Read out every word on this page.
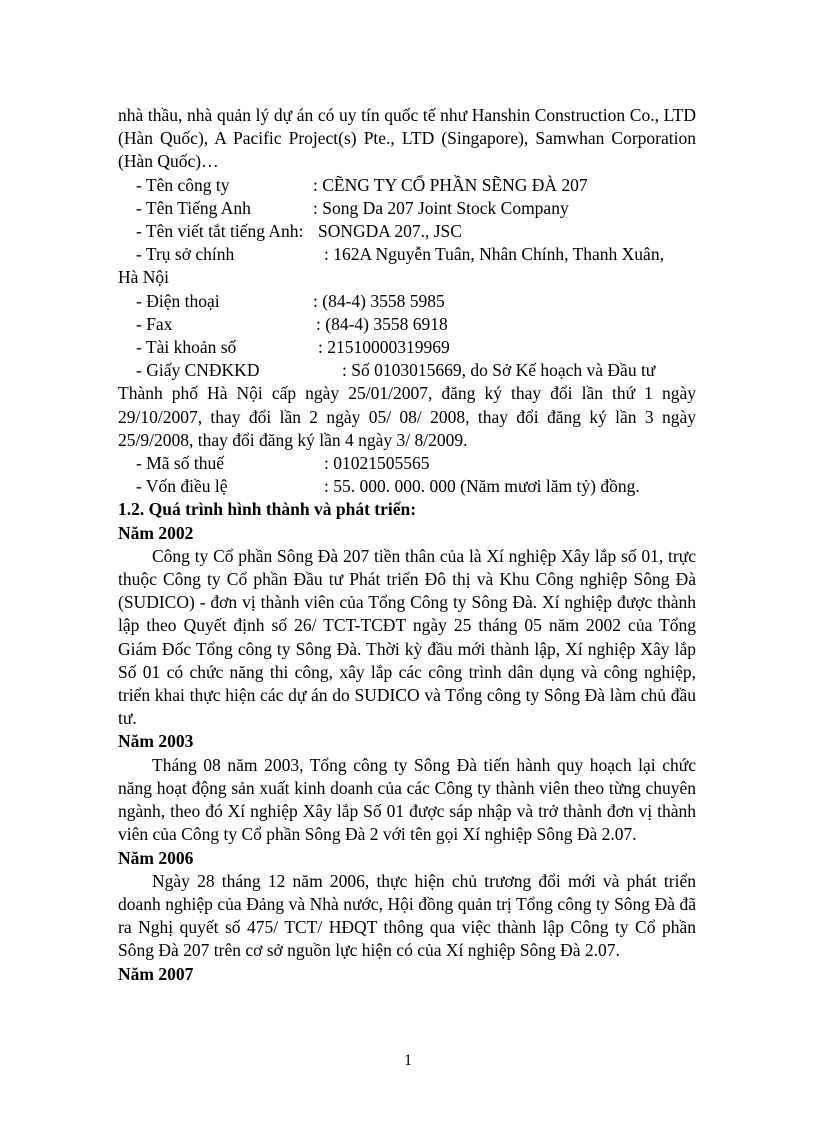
nhà thầu, nhà quản lý dự án có uy tín quốc tế như Hanshin Construction Co., LTD (Hàn Quốc), A Pacific Project(s) Pte., LTD (Singapore), Samwhan Corporation (Hàn Quốc)…

- Tên công ty	: CẼNG TY CỔ PHẦN SẼNG ĐÀ 207

- Tên Tiếng Anh	: Song Da 207 Joint Stock Company

- Tên viết tắt tiếng Anh: SONGDA 207., JSC

- Trụ sở chính	: 162A Nguyễn Tuân, Nhân Chính, Thanh Xuân,

Hà Nội

- Điện thoại	: (84-4) 3558 5985

- Fax	: (84-4) 3558 6918

- Tài khoản số	: 21510000319969

- Giấy CNĐKKD	: Số 0103015669, do Sở Kế hoạch và Đầu tư

Thành phố Hà Nội cấp ngày 25/01/2007, đăng ký thay đổi lần thứ 1 ngày 29/10/2007, thay đổi lần 2 ngày 05/ 08/ 2008, thay đổi đăng ký lần 3 ngày 25/9/2008, thay đổi đăng ký lần 4 ngày 3/ 8/2009.

- Mã số thuế	: 01021505565

- Vốn điều lệ	: 55. 000. 000. 000 (Năm mươi lăm tỷ) đồng.

1.2. Quá trình hình thành và phát triển:

Năm 2002

Công ty Cổ phần Sông Đà 207 tiền thân của là Xí nghiệp Xây lắp số 01, trực thuộc Công ty Cổ phần Đầu tư Phát triển Đô thị và Khu Công nghiệp Sông Đà (SUDICO) - đơn vị thành viên của Tổng Công ty Sông Đà. Xí nghiệp được thành lập theo Quyết định số 26/ TCT-TCĐT ngày 25 tháng 05 năm 2002 của Tổng Giám Đốc Tổng công ty Sông Đà. Thời kỳ đầu mới thành lập, Xí nghiệp Xây lắp Số 01 có chức năng thi công, xây lắp các công trình dân dụng và công nghiệp, triển khai thực hiện các dự án do SUDICO và Tổng công ty Sông Đà làm chủ đầu tư.

Năm 2003

Tháng 08 năm 2003, Tổng công ty Sông Đà tiến hành quy hoạch lại chức năng hoạt động sản xuất kinh doanh của các Công ty thành viên theo từng chuyên ngành, theo đó Xí nghiệp Xây lắp Số 01 được sáp nhập và trở thành đơn vị thành viên của Công ty Cổ phần Sông Đà 2 với tên gọi Xí nghiệp Sông Đà 2.07.

Năm 2006

Ngày 28 tháng 12 năm 2006, thực hiện chủ trương đổi mới và phát triển doanh nghiệp của Đảng và Nhà nước, Hội đồng quản trị Tổng công ty Sông Đà đã ra Nghị quyết số 475/ TCT/ HĐQT thông qua việc thành lập Công ty Cổ phần Sông Đà 207 trên cơ sở nguồn lực hiện có của Xí nghiệp Sông Đà 2.07.

Năm 2007

1
